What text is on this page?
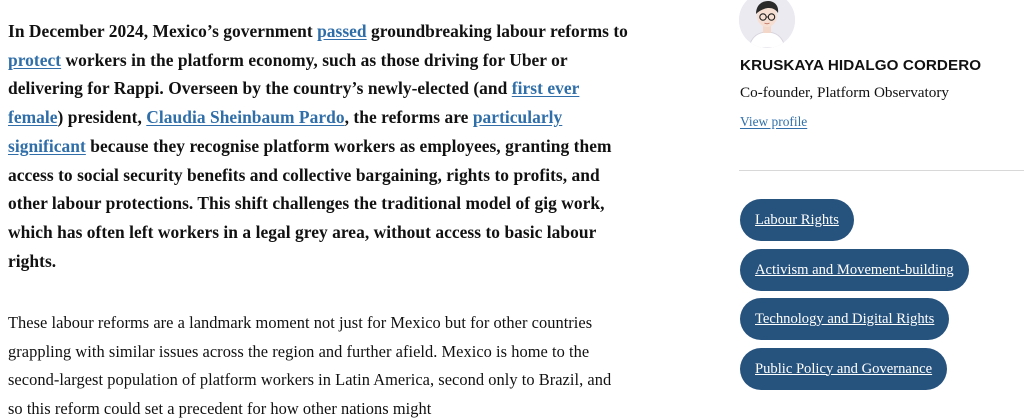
In December 2024, Mexico’s government passed groundbreaking labour reforms to protect workers in the platform economy, such as those driving for Uber or delivering for Rappi. Overseen by the country’s newly-elected (and first ever female) president, Claudia Sheinbaum Pardo, the reforms are particularly significant because they recognise platform workers as employees, granting them access to social security benefits and collective bargaining, rights to profits, and other labour protections. This shift challenges the traditional model of gig work, which has often left workers in a legal grey area, without access to basic labour rights.

These labour reforms are a landmark moment not just for Mexico but for other countries grappling with similar issues across the region and further afield. Mexico is home to the second-largest population of platform workers in Latin America, second only to Brazil, and so this reform could set a precedent for how other nations might

KRUSKAYA HIDALGO CORDERO
Co-founder, Platform Observatory
View profile
Labour Rights
Activism and Movement-building
Technology and Digital Rights
Public Policy and Governance
